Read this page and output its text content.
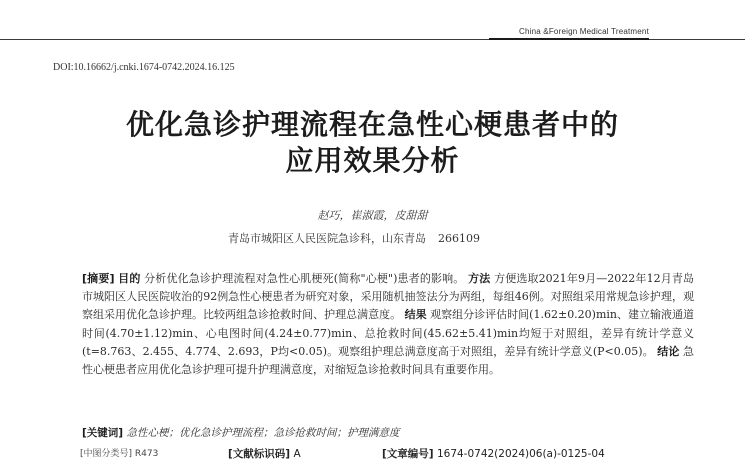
China &Foreign Medical Treatment
DOI:10.16662/j.cnki.1674-0742.2024.16.125
优化急诊护理流程在急性心梗患者中的
应用效果分析
赵巧，崔淑霞，皮甜甜
青岛市城阳区人民医院急诊科，山东青岛 266109
[摘要] 目的 分析优化急诊护理流程对急性心肌梗死(简称"心梗")患者的影响。 方法 方便选取2021年9月—2022年12月青岛市城阳区人民医院收治的92例急性心梗患者为研究对象，采用随机抽签法分为两组，每组46例。对照组采用常规急诊护理，观察组采用优化急诊护理。比较两组急诊抢救时间、护理总满意度。 结果 观察组分诊评估时间(1.62±0.20)min、建立输液通道时间(4.70±1.12)min、心电图时间(4.24±0.77)min、总抢救时间(45.62±5.41)min均短于对照组，差异有统计学意义(t=8.763、2.455、4.774、2.693，P均<0.05)。观察组护理总满意度高于对照组，差异有统计学意义(P<0.05)。 结论 急性心梗患者应用优化急诊护理可提升护理满意度，对缩短急诊抢救时间具有重要作用。
[关键词] 急性心梗；优化急诊护理流程；急诊抢救时间；护理满意度
[中图分类号] R473	[文献标识码] A	[文章编号] 1674-0742(2024)06(a)-0125-04
